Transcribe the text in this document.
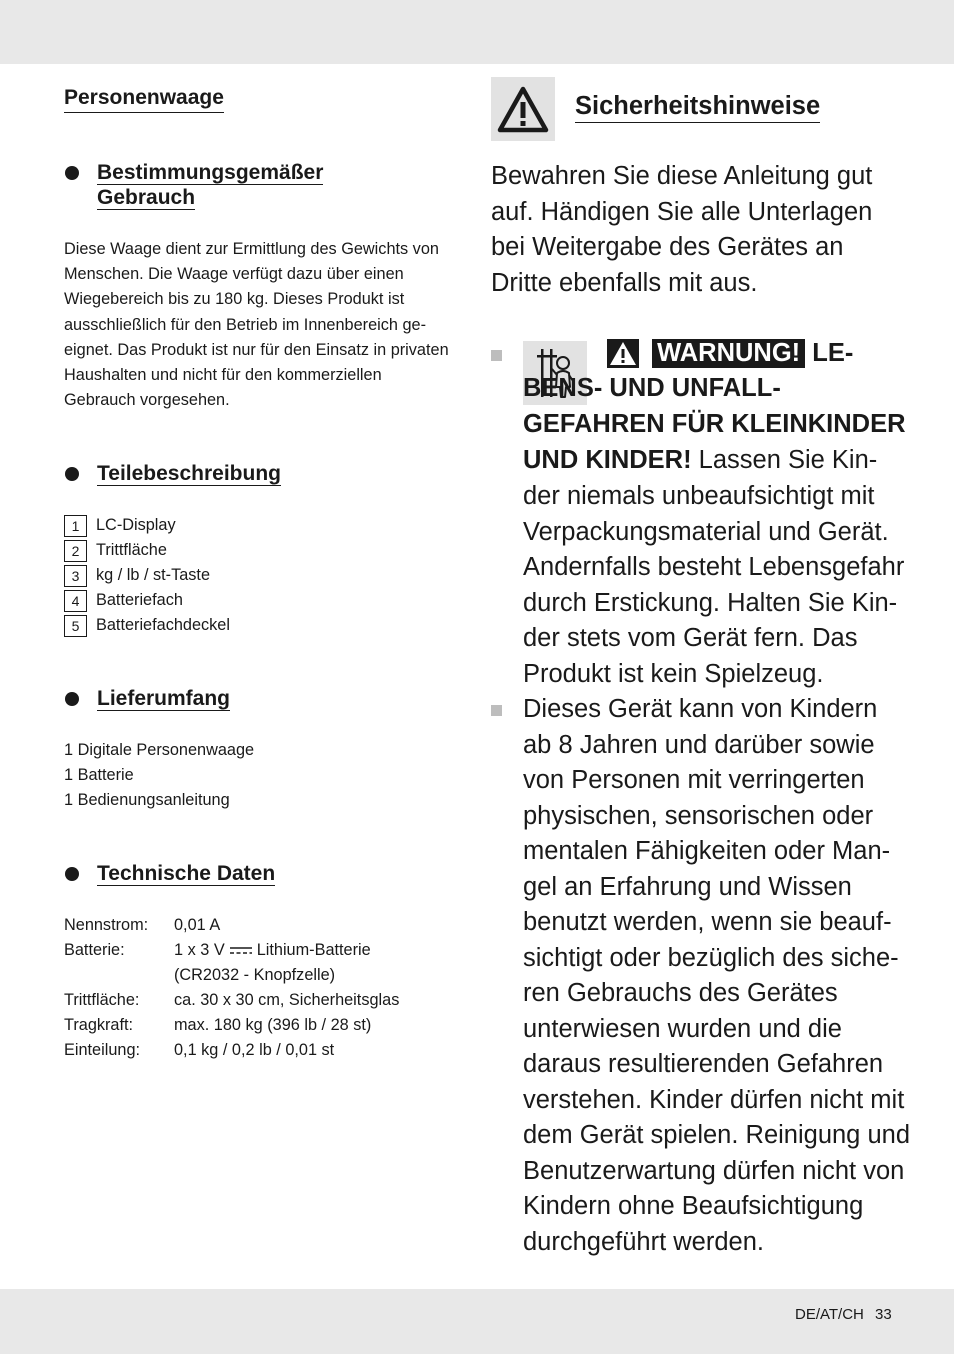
Personenwaage
Bestimmungsgemäßer
Gebrauch
Diese Waage dient zur Ermittlung des Gewichts von
Menschen. Die Waage verfügt dazu über einen
Wiegebereich bis zu 180 kg. Dieses Produkt ist
ausschließlich für den Betrieb im Innenbereich ge-
eignet. Das Produkt ist nur für den Einsatz in privaten
Haushalten und nicht für den kommerziellen
Gebrauch vorgesehen.
Teilebeschreibung
1 LC-Display
2 Trittfläche
3 kg / lb / st-Taste
4 Batteriefach
5 Batteriefachdeckel
Lieferumfang
1 Digitale Personenwaage
1 Batterie
1 Bedienungsanleitung
Technische Daten
Nennstrom: 0,01 A
Batterie:	1 x 3 V Lithium-Batterie
(CR2032 - Knopfzelle)
Trittfläche: ca. 30 x 30 cm, Sicherheitsglas
Tragkraft:	max. 180 kg (396 lb / 28 st)
Einteilung: 0,1 kg / 0,2 lb / 0,01 st
Sicherheitshinweise
Bewahren Sie diese Anleitung gut
auf. Händigen Sie alle Unterlagen
bei Weitergabe des Gerätes an
Dritte ebenfalls mit aus.
WARNUNG! LE-
BENS- UND UNFALL-
GEFAHREN FÜR KLEINKINDER
UND KINDER! Lassen Sie Kin-
der niemals unbeaufsichtigt mit
Verpackungsmaterial und Gerät.
Andernfalls besteht Lebensgefahr
durch Erstickung. Halten Sie Kin-
der stets vom Gerät fern. Das
Produkt ist kein Spielzeug.
Dieses Gerät kann von Kindern
ab 8 Jahren und darüber sowie
von Personen mit verringerten
physischen, sensorischen oder
mentalen Fähigkeiten oder Man-
gel an Erfahrung und Wissen
benutzt werden, wenn sie beauf-
sichtigt oder bezüglich des siche-
ren Gebrauchs des Gerätes
unterwiesen wurden und die
daraus resultierenden Gefahren
verstehen. Kinder dürfen nicht mit
dem Gerät spielen. Reinigung und
Benutzerwartung dürfen nicht von
Kindern ohne Beaufsichtigung
durchgeführt werden.
DE/AT/CH 33
